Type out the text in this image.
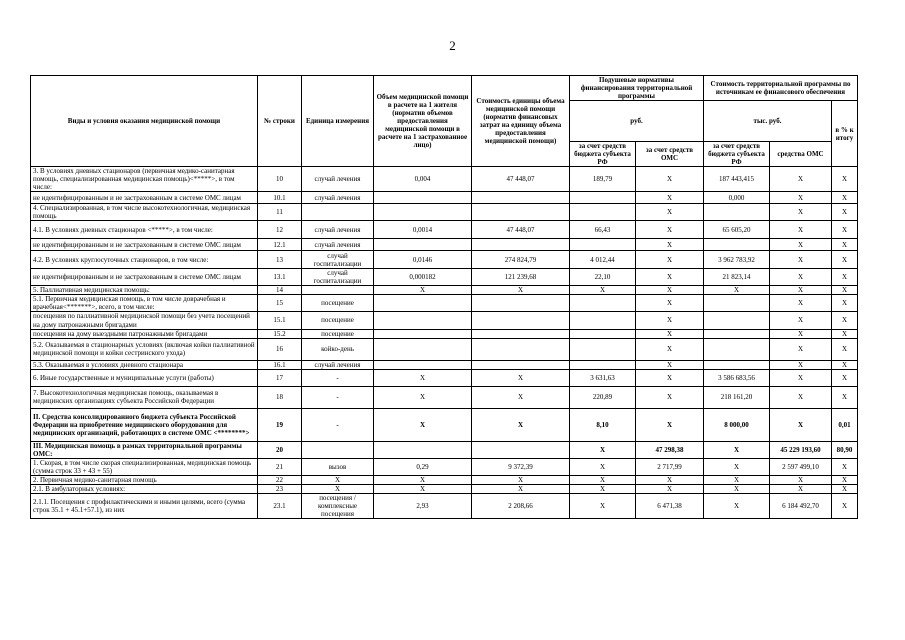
2
Виды и условия оказания медицинской помощи	№ строки	Единица измерения	Объем медицинской помощи в расчете на 1 жителя (норматив объемов предоставления медицинской помощи в расчете на 1 застрахованное лицо)	Стоимость единицы объема медицинской помощи (норматив финансовых затрат на единицу объема предоставления медицинской помощи)	Подушевые нормативы финансирования территориальной программы		Стоимость территориальной программы по источникам ее финансового обеспечения		
					руб.		тыс. руб.		в % к итогу
					за счет средств бюджета субъекта РФ	за счет средств ОМС	за счет средств бюджета субъекта РФ	средства ОМС	
3. В условиях дневных стационаров (первичная медико-санитарная помощь, специализированная медицинская помощь)<*****>, в том числе:	10	случай лечения	0,004	47 448,07	189,79	X	187 443,415	X	X
не идентифицированным и не застрахованным в системе ОМС лицам	10.1	случай лечения				X	0,000	X	X
4. Специализированная, в том числе высокотехнологичная, медицинская помощь	11					X		X	X
4.1. В условиях дневных стационаров <*****>, в том числе:	12	случай лечения	0,0014	47 448,07	66,43	X	65 605,20	X	X
не идентифицированным и не застрахованным в системе ОМС лицам	12.1	случай лечения				X		X	X
4.2. В условиях круглосуточных стационаров, в том числе:	13	случай госпитализации	0,0146	274 824,79	4 012,44	X	3 962 783,92	X	X
не идентифицированным и не застрахованным в системе ОМС лицам	13.1	случай госпитализации	0,000182	121 239,68	22,10	X	21 823,14	X	X
5. Паллиативная медицинская помощь:	14		X	X	X	X	X	X	X
5.1. Первичная медицинская помощь, в том числе доврачебная и врачебная<*******>, всего, в том числе:	15	посещение				X		X	X
посещения по паллиативной медицинской помощи без учета посещений на дому патронажными бригадами	15.1	посещение				X		X	X
посещения на дому выездными патронажными бригадами	15.2	посещение				X		X	X
5.2. Оказываемая в стационарных условиях (включая койки паллиативной медицинской помощи и койки сестринского ухода)	16	койко-день				X		X	X
5.3. Оказываемая в условиях дневного стационара	16.1	случай лечения				X		X	X
6. Иные государственные и муниципальные услуги (работы)	17	-	X	X	3 631,63	X	3 586 683,56	X	X
7. Высокотехнологичная медицинская помощь, оказываемая в медицинских организациях субъекта Российской Федерации	18	-	X	X	220,89	X	218 161,20	X	X
II. Средства консолидированного бюджета субъекта Российской Федерации на приобретение медицинского оборудования для медицинских организаций, работающих в системе ОМС <********>	19	-	X	X	8,10	X	8 000,00	X	0,01
III. Медицинская помощь в рамках территориальной программы ОМС:	20				X	47 298,38	X	45 229 193,60	80,90
1. Скорая, в том числе скорая специализированная, медицинская помощь (сумма строк 33 + 43 + 55)	21	вызов	0,29	9 372,39	X	2 717,99	X	2 597 499,10	X
2. Первичная медико-санитарная помощь	22	X	X	X	X	X	X	X	X
2.1. В амбулаторных условиях:	23	X	X	X	X	X	X	X	X
2.1.1. Посещения с профилактическими и иными целями, всего (сумма строк 35.1 + 45.1+57.1), из них	23.1	посещения / комплексные посещения	2,93	2 208,66	X	6 471,38	X	6 184 492,70	X
